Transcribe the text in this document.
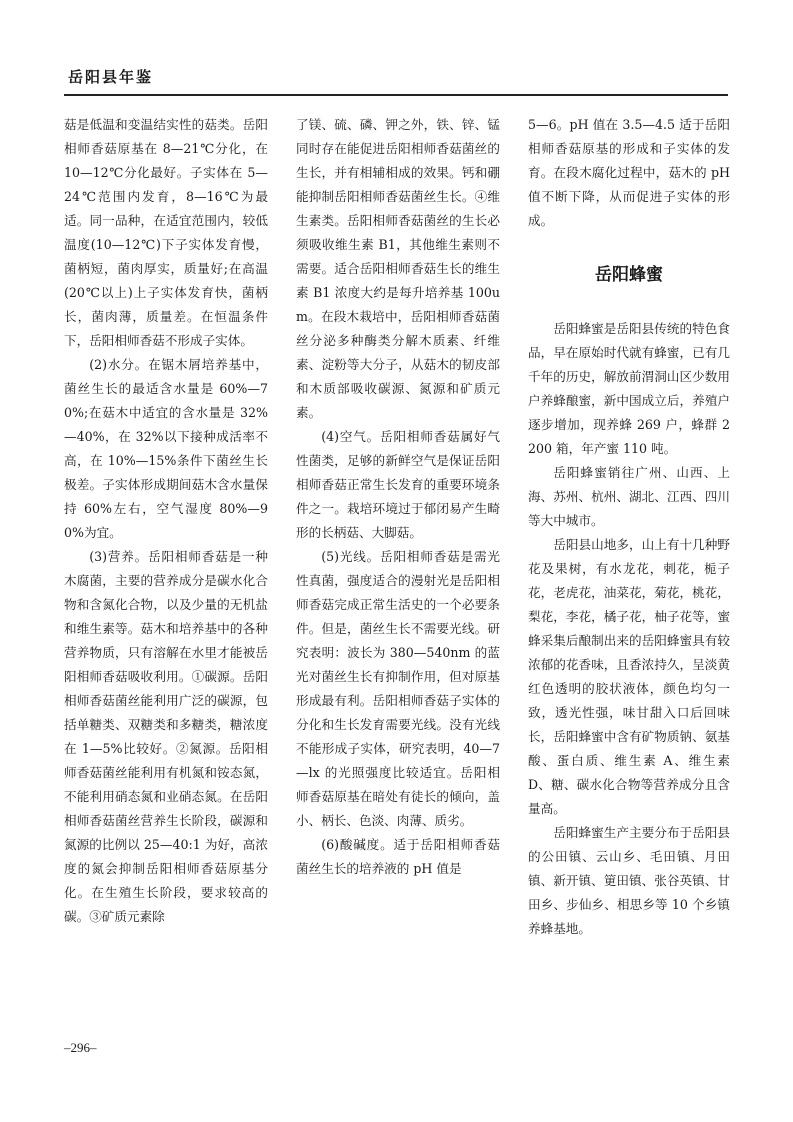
岳阳县年鉴

菇是低温和变温结实性的菇类。岳阳相师香菇原基在 8—21℃分化，在 10—12℃分化最好。子实体在 5—24℃范围内发育，8—16℃为最适。同一品种，在适宜范围内，较低温度(10—12℃)下子实体发育慢，菌柄短，菌肉厚实，质量好;在高温(20℃以上)上子实体发育快，菌柄长，菌肉薄，质量差。在恒温条件下，岳阳相师香菇不形成子实体。

(2)水分。在锯木屑培养基中，菌丝生长的最适含水量是 60%—70%;在菇木中适宜的含水量是 32%—40%，在 32%以下接种成活率不高，在 10%—15%条件下菌丝生长极差。子实体形成期间菇木含水量保持 60%左右，空气湿度 80%—90%为宜。

(3)营养。岳阳相师香菇是一种木腐菌，主要的营养成分是碳水化合物和含氮化合物，以及少量的无机盐和维生素等。菇木和培养基中的各种营养物质，只有溶解在水里才能被岳阳相师香菇吸收利用。①碳源。岳阳相师香菇菌丝能利用广泛的碳源，包括单糖类、双糖类和多糖类，糖浓度在 1—5%比较好。②氮源。岳阳相师香菇菌丝能利用有机氮和铵态氮，不能利用硝态氮和业硝态氮。在岳阳相师香菇菌丝营养生长阶段，碳源和氮源的比例以 25—40:1 为好，高浓度的氮会抑制岳阳相师香菇原基分化。在生殖生长阶段，要求较高的碳。③矿质元素除

了镁、硫、磷、钾之外，铁、锌、锰同时存在能促进岳阳相师香菇菌丝的生长，并有相辅相成的效果。钙和硼能抑制岳阳相师香菇菌丝生长。④维生素类。岳阳相师香菇菌丝的生长必须吸收维生素 B1，其他维生素则不需要。适合岳阳相师香菇生长的维生素 B1 浓度大约是每升培养基 100um。在段木栽培中，岳阳相师香菇菌丝分泌多种酶类分解木质素、纤维素、淀粉等大分子，从菇木的韧皮部和木质部吸收碳源、氮源和矿质元素。

(4)空气。岳阳相师香菇属好气性菌类，足够的新鲜空气是保证岳阳相师香菇正常生长发育的重要环境条件之一。栽培环境过于郁闭易产生畸形的长柄菇、大脚菇。

(5)光线。岳阳相师香菇是需光性真菌，强度适合的漫射光是岳阳相师香菇完成正常生活史的一个必要条件。但是，菌丝生长不需要光线。研究表明：波长为 380—540nm 的蓝光对菌丝生长有抑制作用，但对原基形成最有利。岳阳相师香菇子实体的分化和生长发育需要光线。没有光线不能形成子实体，研究表明，40—7—lx 的光照强度比较适宜。岳阳相师香菇原基在暗处有徒长的倾向，盖小、柄长、色淡、肉薄、质劣。

(6)酸碱度。适于岳阳相师香菇菌丝生长的培养液的 pH 值是

5—6。pH 值在 3.5—4.5 适于岳阳相师香菇原基的形成和子实体的发育。在段木腐化过程中，菇木的 pH 值不断下降，从而促进子实体的形成。

岳阳蜂蜜

岳阳蜂蜜是岳阳县传统的特色食品，早在原始时代就有蜂蜜，已有几千年的历史，解放前渭洞山区少数用户养蜂酿蜜，新中国成立后，养殖户逐步增加，现养蜂 269 户，蜂群 2200 箱，年产蜜 110 吨。

岳阳蜂蜜销往广州、山西、上海、苏州、杭州、湖北、江西、四川等大中城市。

岳阳县山地多，山上有十几种野花及果树，有水龙花，刺花，栀子花，老虎花，油菜花，菊花，桃花，梨花，李花，橘子花，柚子花等，蜜蜂采集后酿制出来的岳阳蜂蜜具有较浓郁的花香味，且香浓持久，呈淡黄红色透明的胶状液体，颜色均匀一致，透光性强，味甘甜入口后回味长，岳阳蜂蜜中含有矿物质钠、氨基酸、蛋白质、维生素 A、维生素 D、糖、碳水化合物等营养成分且含量高。

岳阳蜂蜜生产主要分布于岳阳县的公田镇、云山乡、毛田镇、月田镇、新开镇、筻田镇、张谷英镇、甘田乡、步仙乡、相思乡等 10 个乡镇养蜂基地。

–296–
